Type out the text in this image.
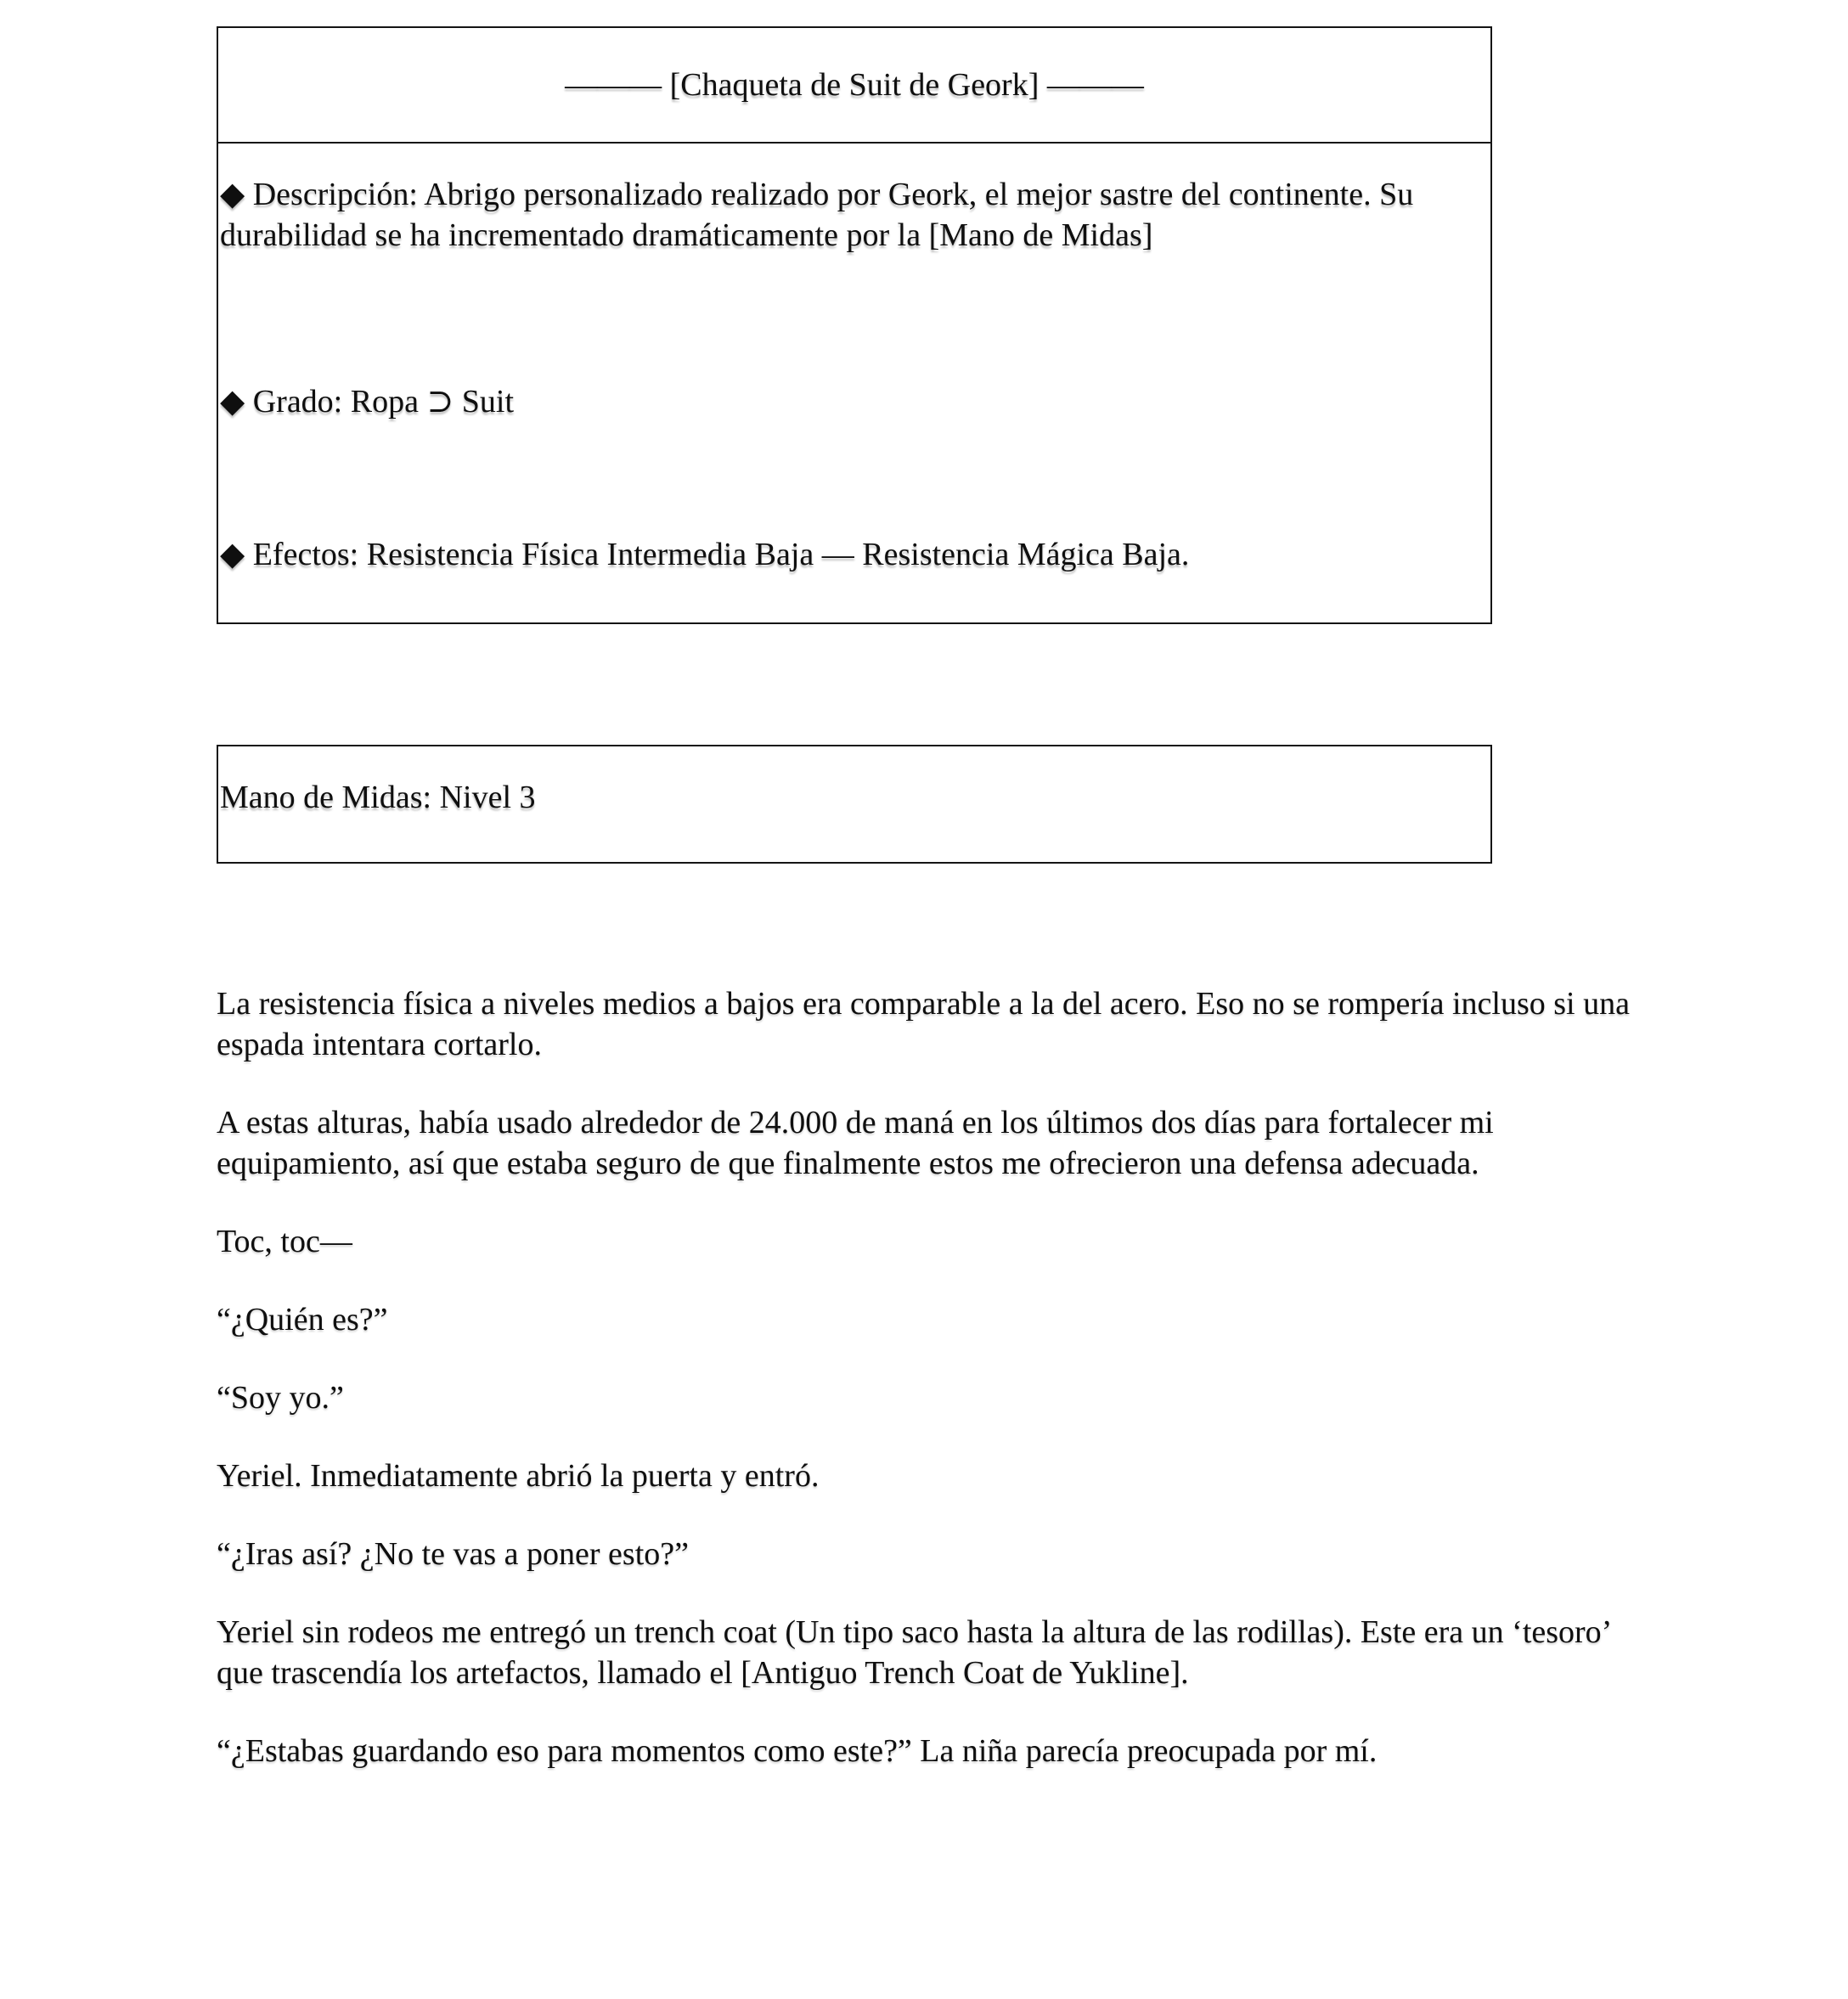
——— [Chaqueta de Suit de Geork] ———

◆ Descripción: Abrigo personalizado realizado por Geork, el mejor sastre del continente. Su durabilidad se ha incrementado dramáticamente por la [Mano de Midas]

◆ Grado: Ropa ⊃ Suit

◆ Efectos: Resistencia Física Intermedia Baja — Resistencia Mágica Baja.

Mano de Midas: Nivel 3

La resistencia física a niveles medios a bajos era comparable a la del acero. Eso no se rompería incluso si una espada intentara cortarlo.

A estas alturas, había usado alrededor de 24.000 de maná en los últimos dos días para fortalecer mi equipamiento, así que estaba seguro de que finalmente estos me ofrecieron una defensa adecuada.

Toc, toc—

“¿Quién es?”

“Soy yo.”

Yeriel. Inmediatamente abrió la puerta y entró.

“¿Iras así? ¿No te vas a poner esto?”

Yeriel sin rodeos me entregó un trench coat (Un tipo saco hasta la altura de las rodillas). Este era un ‘tesoro’ que trascendía los artefactos, llamado el [Antiguo Trench Coat de Yukline].

“¿Estabas guardando eso para momentos como este?” La niña parecía preocupada por mí.
